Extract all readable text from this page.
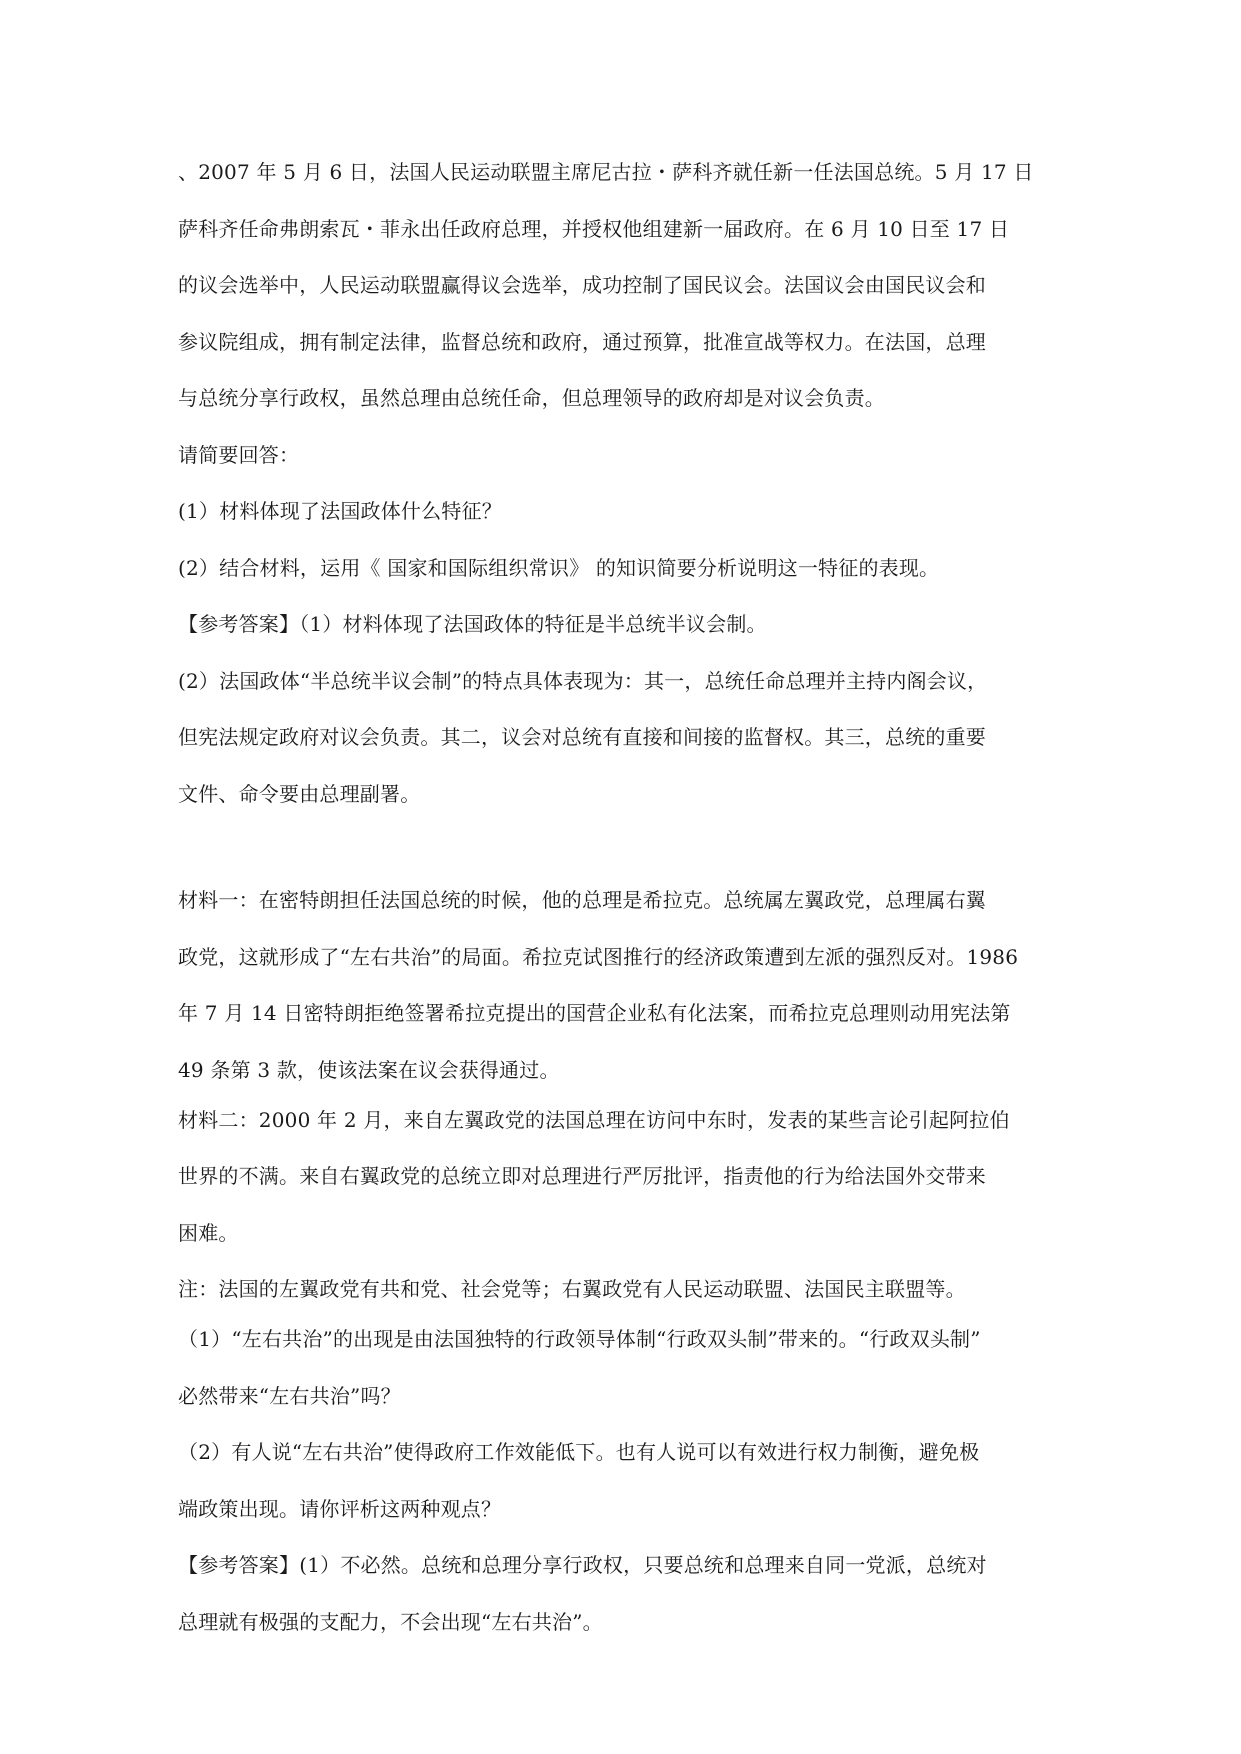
、2007 年 5 月 6 日，法国人民运动联盟主席尼古拉・萨科齐就任新一任法国总统。5 月 17 日
萨科齐任命弗朗索瓦・菲永出任政府总理，并授权他组建新一届政府。在 6 月 10 日至 17 日
的议会选举中，人民运动联盟赢得议会选举，成功控制了国民议会。法国议会由国民议会和
参议院组成，拥有制定法律，监督总统和政府，通过预算，批准宣战等权力。在法国，总理
与总统分享行政权，虽然总理由总统任命，但总理领导的政府却是对议会负责。
请简要回答：
(1）材料体现了法国政体什么特征？
(2）结合材料，运用《 国家和国际组织常识》 的知识简要分析说明这一特征的表现。
【参考答案】（1）材料体现了法国政体的特征是半总统半议会制。
(2）法国政体“半总统半议会制”的特点具体表现为：其一，总统任命总理并主持内阁会议，
但宪法规定政府对议会负责。其二，议会对总统有直接和间接的监督权。其三，总统的重要
文件、命令要由总理副署。
材料一：在密特朗担任法国总统的时候，他的总理是希拉克。总统属左翼政党，总理属右翼
政党，这就形成了“左右共治”的局面。希拉克试图推行的经济政策遭到左派的强烈反对。1986
年 7 月 14 日密特朗拒绝签署希拉克提出的国营企业私有化法案，而希拉克总理则动用宪法第
49 条第 3 款，使该法案在议会获得通过。
材料二：2000 年 2 月，来自左翼政党的法国总理在访问中东时，发表的某些言论引起阿拉伯
世界的不满。来自右翼政党的总统立即对总理进行严厉批评，指责他的行为给法国外交带来
困难。
注：法国的左翼政党有共和党、社会党等；右翼政党有人民运动联盟、法国民主联盟等。
（1）“左右共治”的出现是由法国独特的行政领导体制“行政双头制”带来的。“行政双头制”
必然带来“左右共治”吗？
（2）有人说“左右共治”使得政府工作效能低下。也有人说可以有效进行权力制衡，避免极
端政策出现。请你评析这两种观点？
【参考答案】(1）不必然。总统和总理分享行政权，只要总统和总理来自同一党派，总统对
总理就有极强的支配力，不会出现“左右共治”。
